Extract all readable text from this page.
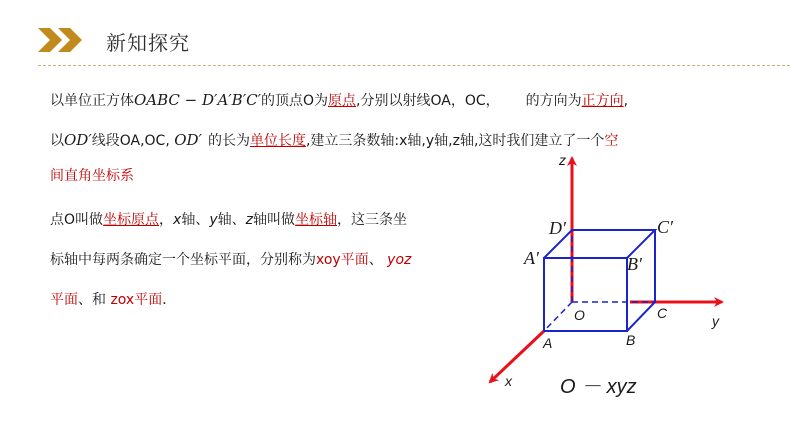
新知探究
以单位正方体OABC − D′A′B′C′的顶点O为原点,分别以射线OA，OC， 的方向为正方向,
以OD′线段OA,OC, OD′ 的长为单位长度,建立三条数轴:x轴,y轴,z轴,这时我们建立了一个空
间直角坐标系
点O叫做坐标原点，x轴、y轴、z轴叫做坐标轴，这三条坐
标轴中每两条确定一个坐标平面，分别称为xoy平面、 yoz
平面、和 zox平面．
z
y
x
O
A	B
C
D′
A′	B′
C′
O － xyz
